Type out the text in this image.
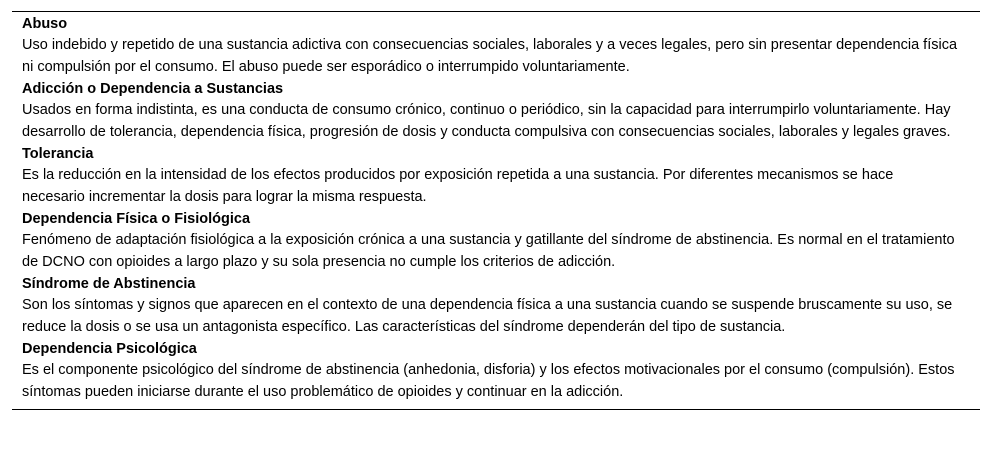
Abuso

Uso indebido y repetido de una sustancia adictiva con consecuencias sociales, laborales y a veces legales, pero sin presentar dependencia física ni compulsión por el consumo. El abuso puede ser esporádico o interrumpido voluntariamente.

Adicción o Dependencia a Sustancias

Usados en forma indistinta, es una conducta de consumo crónico, continuo o periódico, sin la capacidad para interrumpirlo voluntariamente. Hay desarrollo de tolerancia, dependencia física, progresión de dosis y conducta compulsiva con consecuencias sociales, laborales y legales graves.

Tolerancia

Es la reducción en la intensidad de los efectos producidos por exposición repetida a una sustancia. Por diferentes mecanismos se hace necesario incrementar la dosis para lograr la misma respuesta.

Dependencia Física o Fisiológica

Fenómeno de adaptación fisiológica a la exposición crónica a una sustancia y gatillante del síndrome de abstinencia. Es normal en el tratamiento de DCNO con opioides a largo plazo y su sola presencia no cumple los criterios de adicción.

Síndrome de Abstinencia

Son los síntomas y signos que aparecen en el contexto de una dependencia física a una sustancia cuando se suspende bruscamente su uso, se reduce la dosis o se usa un antagonista específico. Las características del síndrome dependerán del tipo de sustancia.

Dependencia Psicológica

Es el componente psicológico del síndrome de abstinencia (anhedonia, disforia) y los efectos motivacionales por el consumo (compulsión). Estos síntomas pueden iniciarse durante el uso problemático de opioides y continuar en la adicción.
